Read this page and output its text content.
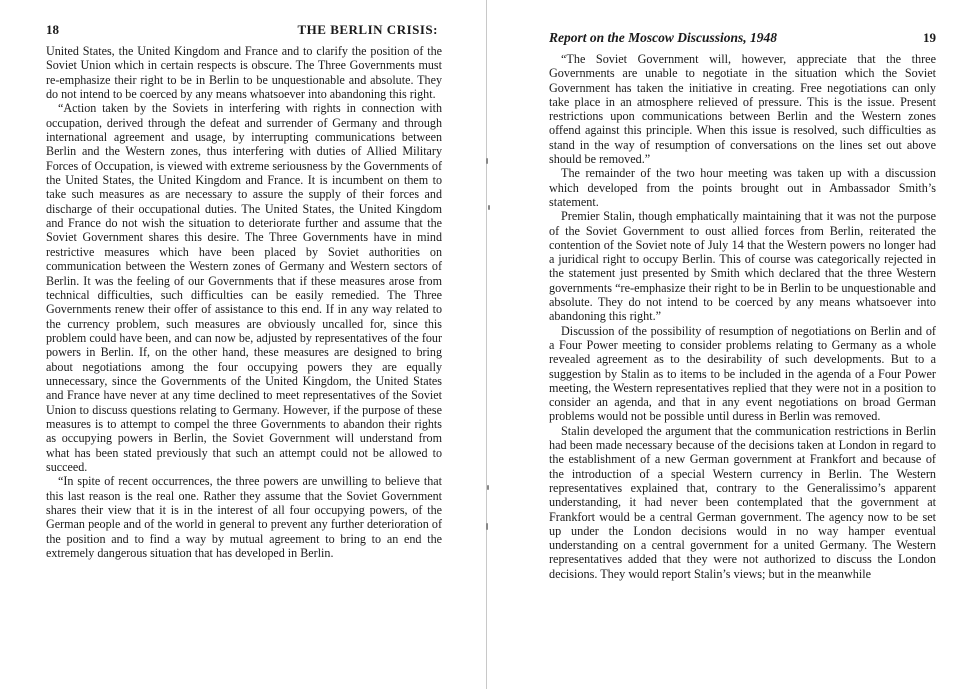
18	THE BERLIN CRISIS:

United States, the United Kingdom and France and to clarify the position of the Soviet Union which in certain respects is obscure. The Three Governments must re-emphasize their right to be in Berlin to be unquestionable and absolute. They do not intend to be coerced by any means whatsoever into abandoning this right.

“Action taken by the Soviets in interfering with rights in connection with occupation, derived through the defeat and surrender of Germany and through international agreement and usage, by interrupting communications between Berlin and the Western zones, thus interfering with duties of Allied Military Forces of Occupation, is viewed with extreme seriousness by the Governments of the United States, the United Kingdom and France. It is incumbent on them to take such measures as are necessary to assure the supply of their forces and discharge of their occupational duties. The United States, the United Kingdom and France do not wish the situation to deteriorate further and assume that the Soviet Government shares this desire. The Three Governments have in mind restrictive measures which have been placed by Soviet authorities on communication between the Western zones of Germany and Western sectors of Berlin. It was the feeling of our Governments that if these measures arose from technical difficulties, such difficulties can be easily remedied. The Three Governments renew their offer of assistance to this end. If in any way related to the currency problem, such measures are obviously uncalled for, since this problem could have been, and can now be, adjusted by representatives of the four powers in Berlin. If, on the other hand, these measures are designed to bring about negotiations among the four occupying powers they are equally unnecessary, since the Governments of the United Kingdom, the United States and France have never at any time declined to meet representatives of the Soviet Union to discuss questions relating to Germany. However, if the purpose of these measures is to attempt to compel the three Governments to abandon their rights as occupying powers in Berlin, the Soviet Government will understand from what has been stated previously that such an attempt could not be allowed to succeed.

“In spite of recent occurrences, the three powers are unwilling to believe that this last reason is the real one. Rather they assume that the Soviet Government shares their view that it is in the interest of all four occupying powers, of the German people and of the world in general to prevent any further deterioration of the position and to find a way by mutual agreement to bring to an end the extremely dangerous situation that has developed in Berlin.

Report on the Moscow Discussions, 1948	19

“The Soviet Government will, however, appreciate that the three Governments are unable to negotiate in the situation which the Soviet Government has taken the initiative in creating. Free negotiations can only take place in an atmosphere relieved of pressure. This is the issue. Present restrictions upon communications between Berlin and the Western zones offend against this principle. When this issue is resolved, such difficulties as stand in the way of resumption of conversations on the lines set out above should be removed.”

The remainder of the two hour meeting was taken up with a discussion which developed from the points brought out in Ambassador Smith’s statement.

Premier Stalin, though emphatically maintaining that it was not the purpose of the Soviet Government to oust allied forces from Berlin, reiterated the contention of the Soviet note of July 14 that the Western powers no longer had a juridical right to occupy Berlin. This of course was categorically rejected in the statement just presented by Smith which declared that the three Western governments “re-emphasize their right to be in Berlin to be unquestionable and absolute. They do not intend to be coerced by any means whatsoever into abandoning this right.”

Discussion of the possibility of resumption of negotiations on Berlin and of a Four Power meeting to consider problems relating to Germany as a whole revealed agreement as to the desirability of such developments. But to a suggestion by Stalin as to items to be included in the agenda of a Four Power meeting, the Western representatives replied that they were not in a position to consider an agenda, and that in any event negotiations on broad German problems would not be possible until duress in Berlin was removed.

Stalin developed the argument that the communication restrictions in Berlin had been made necessary because of the decisions taken at London in regard to the establishment of a new German government at Frankfort and because of the introduction of a special Western currency in Berlin. The Western representatives explained that, contrary to the Generalissimo’s apparent understanding, it had never been contemplated that the government at Frankfort would be a central German government. The agency now to be set up under the London decisions would in no way hamper eventual understanding on a central government for a united Germany. The Western representatives added that they were not authorized to discuss the London decisions. They would report Stalin’s views; but in the meanwhile
